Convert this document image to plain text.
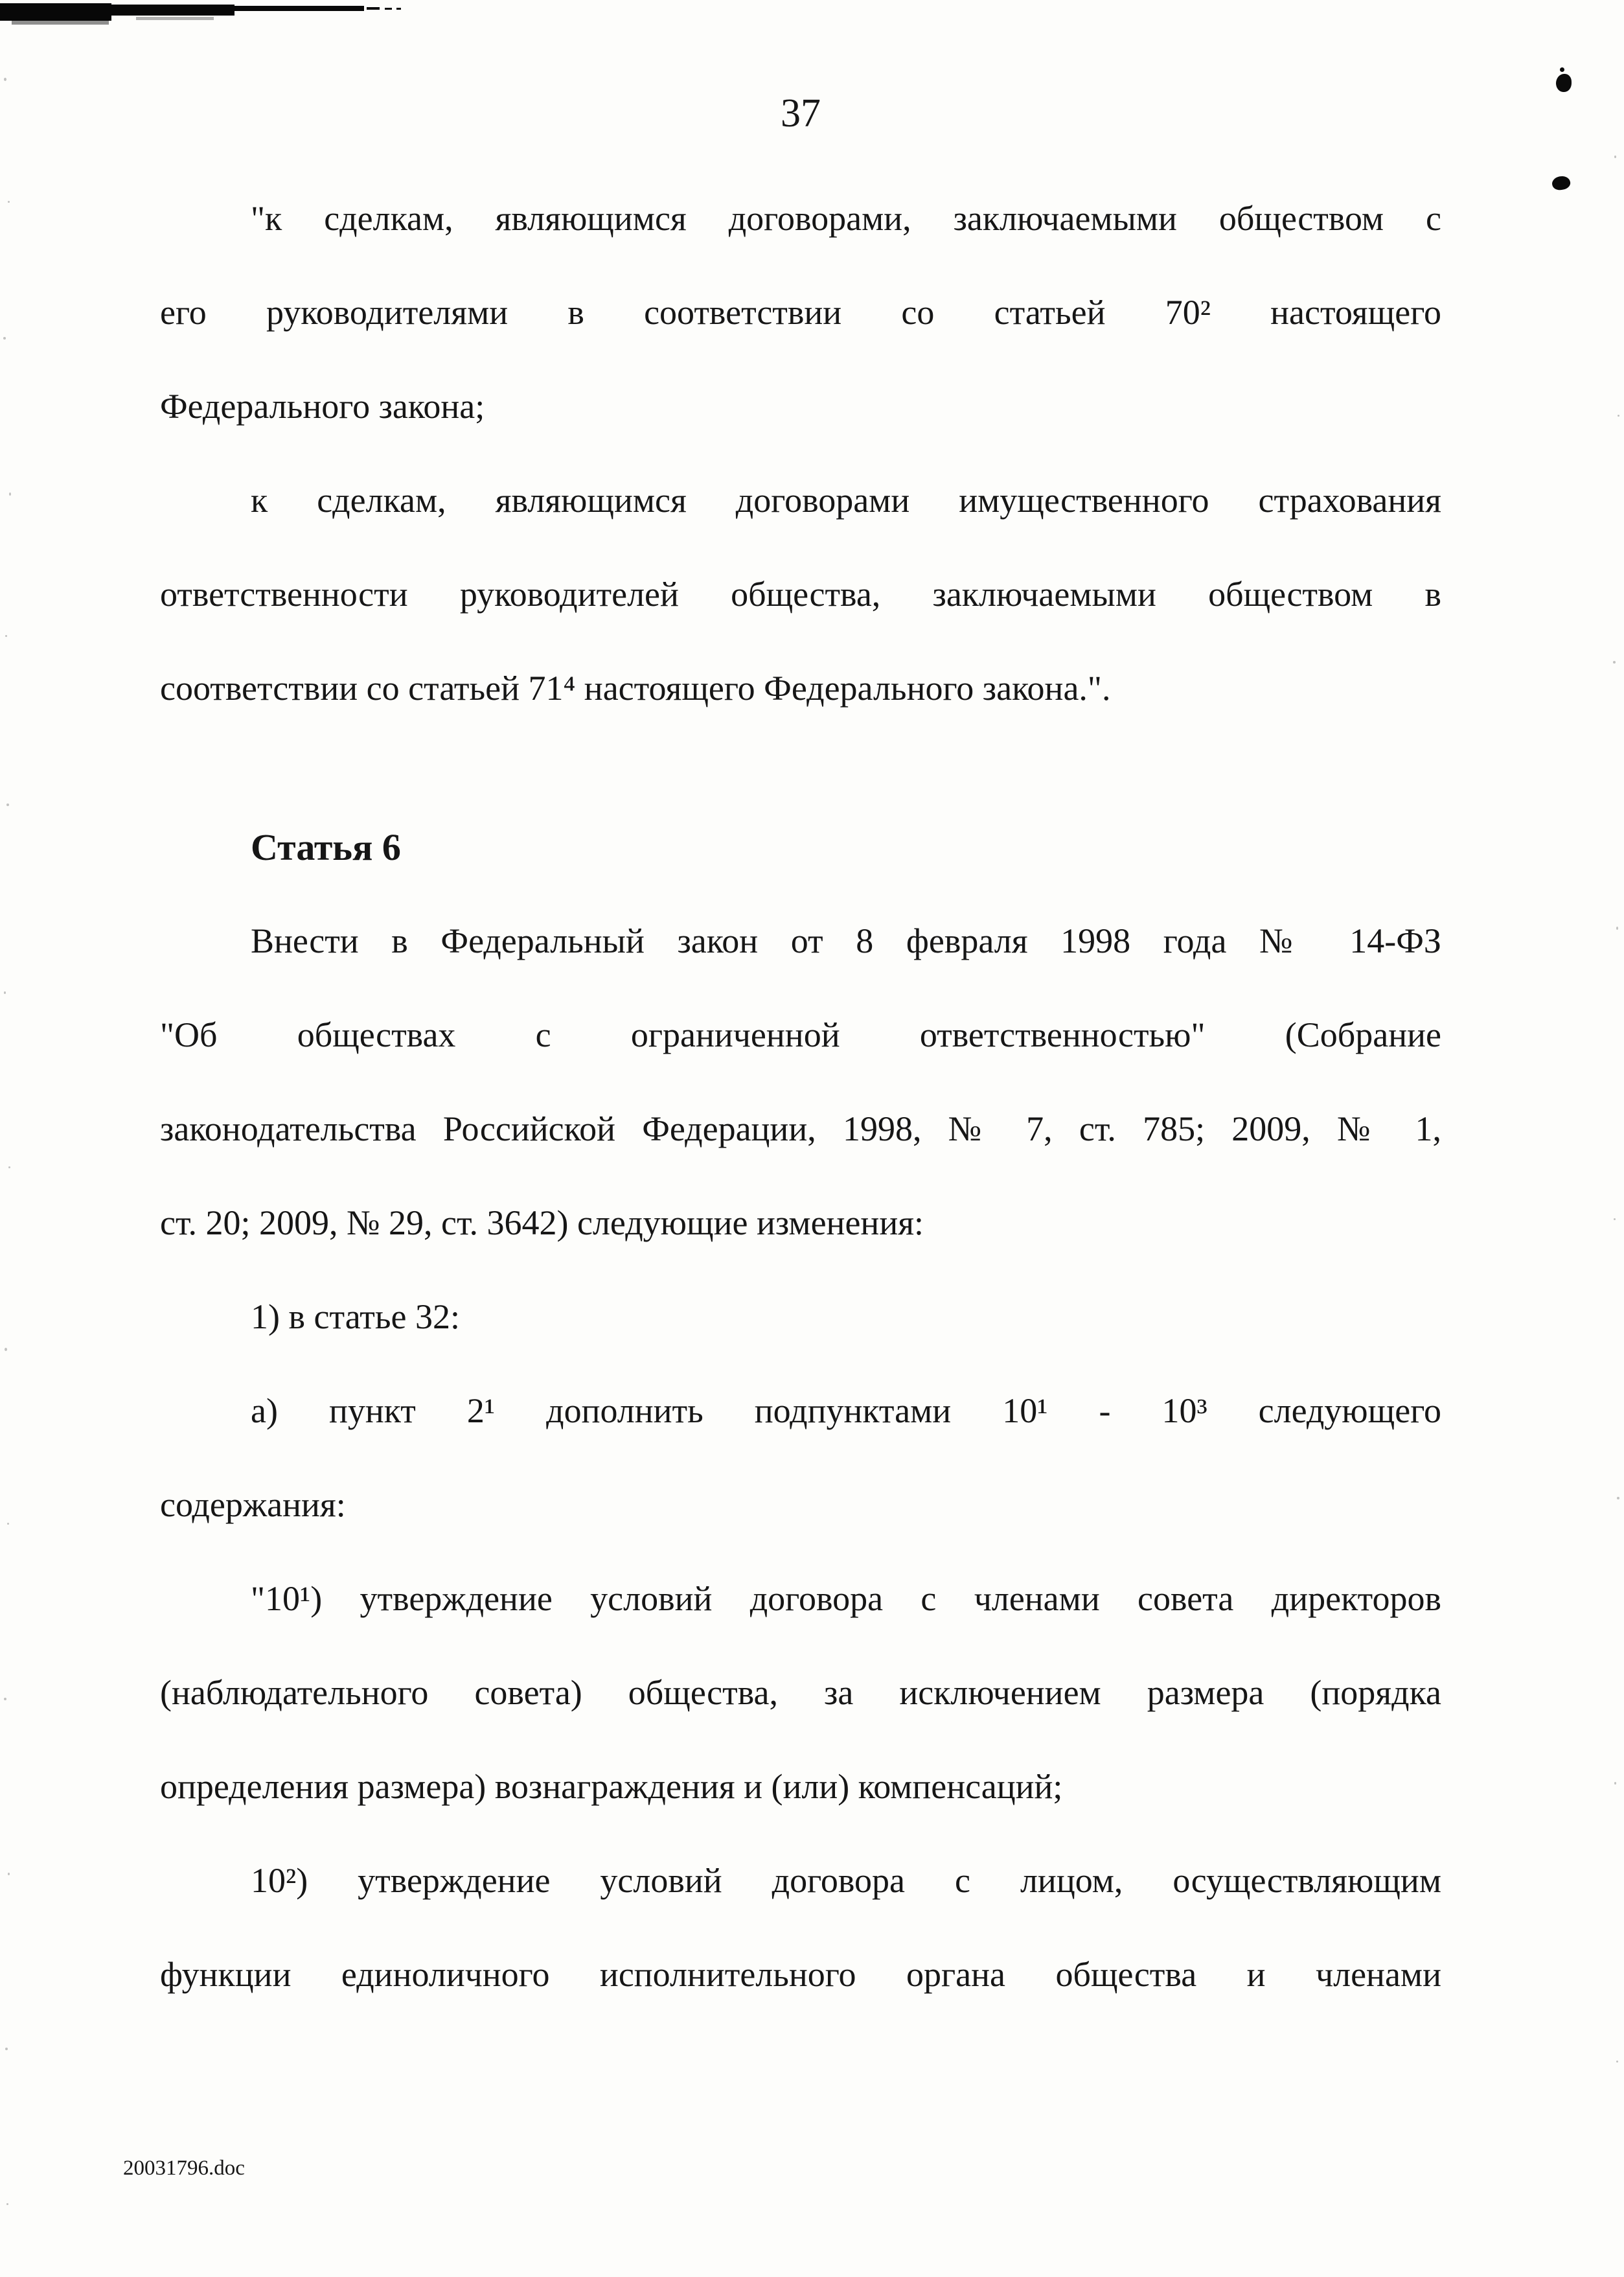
37
"к сделкам, являющимся договорами, заключаемыми обществом с
его руководителями в соответствии со статьей 70² настоящего
Федерального закона;
к сделкам, являющимся договорами имущественного страхования
ответственности руководителей общества, заключаемыми обществом в
соответствии со статьей 71⁴ настоящего Федерального закона.".
Статья 6
Внести в Федеральный закон от 8 февраля 1998 года № 14-ФЗ
"Об обществах с ограниченной ответственностью" (Собрание
законодательства Российской Федерации, 1998, № 7, ст. 785; 2009, № 1,
ст. 20; 2009, № 29, ст. 3642) следующие изменения:
1) в статье 32:
а) пункт 2¹ дополнить подпунктами 10¹ - 10³ следующего
содержания:
"10¹) утверждение условий договора с членами совета директоров
(наблюдательного совета) общества, за исключением размера (порядка
определения размера) вознаграждения и (или) компенсаций;
10²) утверждение условий договора с лицом, осуществляющим
функции единоличного исполнительного органа общества и членами
20031796.doc
